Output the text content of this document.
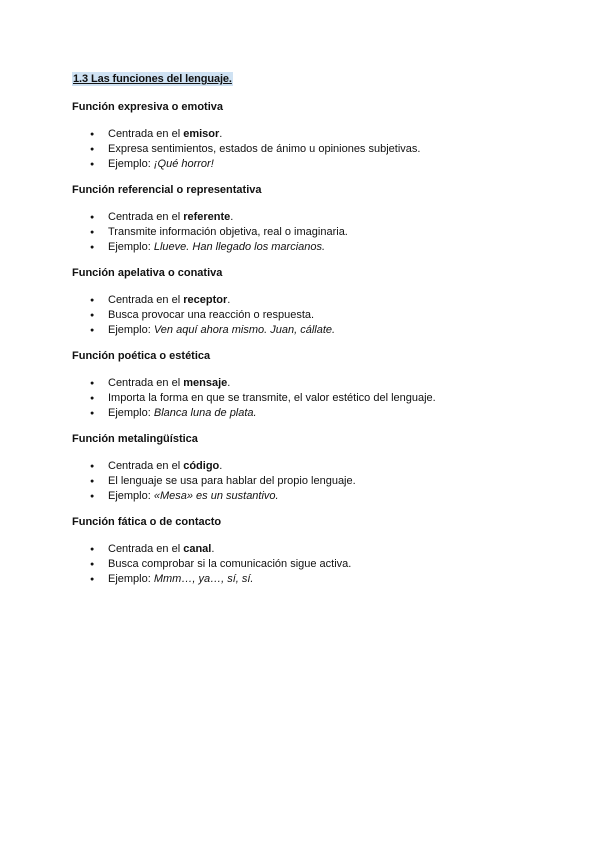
1.3 Las funciones del lenguaje.
Función expresiva o emotiva
● Centrada en el emisor.
● Expresa sentimientos, estados de ánimo u opiniones subjetivas.
● Ejemplo: ¡Qué horror!
Función referencial o representativa
● Centrada en el referente.
● Transmite información objetiva, real o imaginaria.
● Ejemplo: Llueve. Han llegado los marcianos.
Función apelativa o conativa
● Centrada en el receptor.
● Busca provocar una reacción o respuesta.
● Ejemplo: Ven aquí ahora mismo. Juan, cállate.
Función poética o estética
● Centrada en el mensaje.
● Importa la forma en que se transmite, el valor estético del lenguaje.
● Ejemplo: Blanca luna de plata.
Función metalingüística
● Centrada en el código.
● El lenguaje se usa para hablar del propio lenguaje.
● Ejemplo: «Mesa» es un sustantivo.
Función fática o de contacto
● Centrada en el canal.
● Busca comprobar si la comunicación sigue activa.
● Ejemplo: Mmm…, ya…, sí, sí.
